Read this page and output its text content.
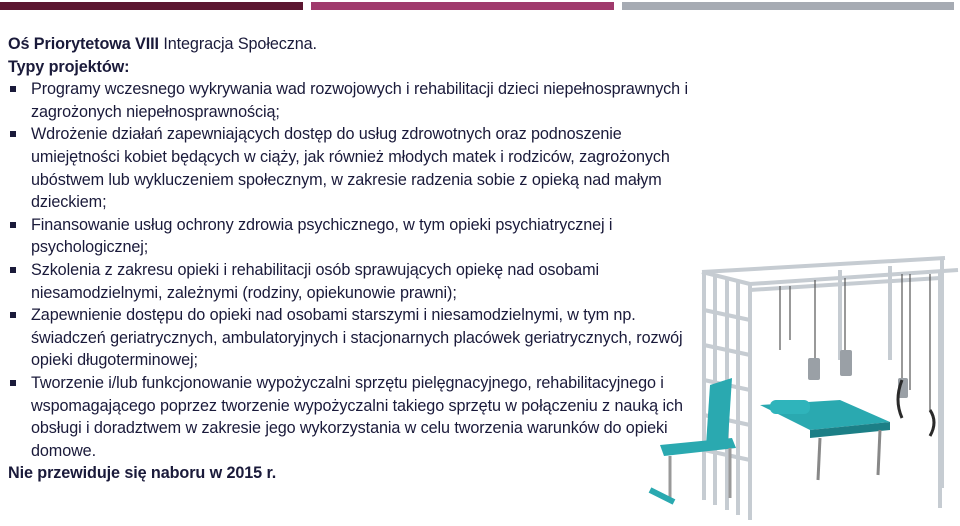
Oś Priorytetowa VIII Integracja Społeczna.
Typy projektów:
Programy wczesnego wykrywania wad rozwojowych i rehabilitacji dzieci niepełnosprawnych i zagrożonych niepełnosprawnością;
Wdrożenie działań zapewniających dostęp do usług zdrowotnych oraz podnoszenie umiejętności kobiet będących w ciąży, jak również młodych matek i rodziców, zagrożonych ubóstwem lub wykluczeniem społecznym, w zakresie radzenia sobie z opieką nad małym dzieckiem;
Finansowanie usług ochrony zdrowia psychicznego, w tym opieki psychiatrycznej i psychologicznej;
Szkolenia z zakresu opieki i rehabilitacji osób sprawujących opiekę nad osobami niesamodzielnymi, zależnymi (rodziny, opiekunowie prawni);
Zapewnienie dostępu do opieki nad osobami starszymi i niesamodzielnymi, w tym np. świadczeń geriatrycznych, ambulatoryjnych i stacjonarnych placówek geriatrycznych, rozwój opieki długoterminowej;
Tworzenie i/lub funkcjonowanie wypożyczalni sprzętu pielęgnacyjnego, rehabilitacyjnego i wspomagającego poprzez tworzenie wypożyczalni takiego sprzętu w połączeniu z nauką ich obsługi i doradztwem w zakresie jego wykorzystania w celu tworzenia warunków do opieki domowe.
Nie przewiduje się naboru w 2015 r.
